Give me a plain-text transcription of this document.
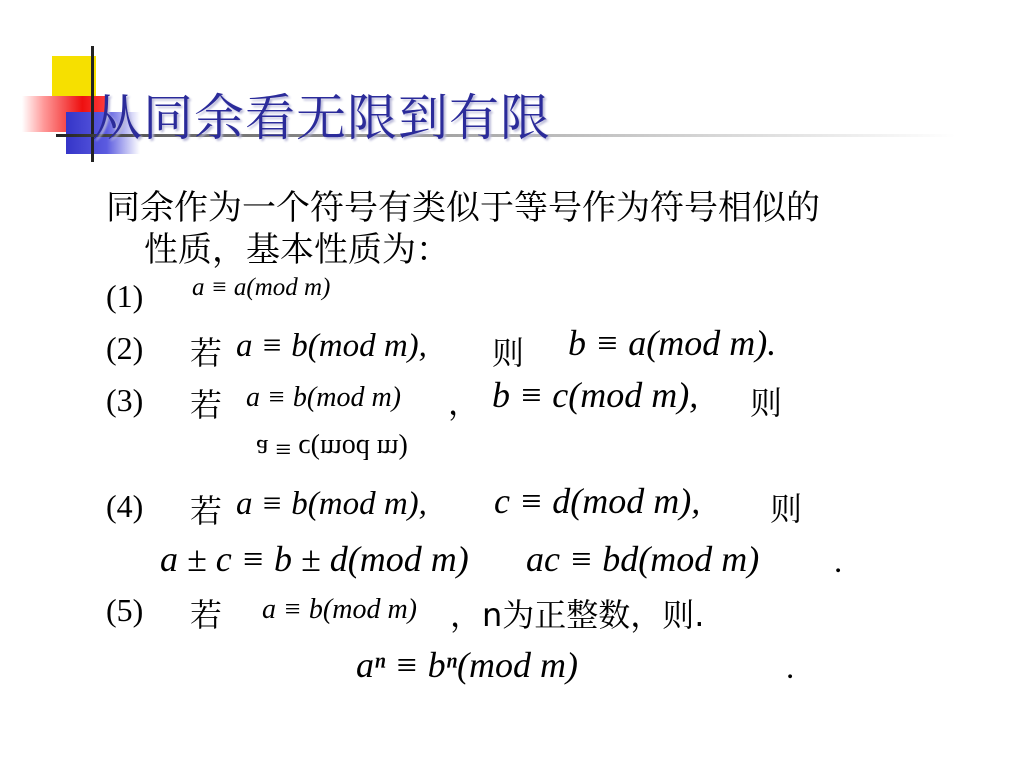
从同余看无限到有限
同余作为一个符号有类似于等号作为符号相似的
性质，基本性质为：
(1) a ≡ a(mod m)
(2) 若 a ≡ b(mod m), 则 b ≡ a(mod m).
(3) 若 a ≡ b(mod m) ， b ≡ c(mod m), 则
a ≡ c(mod m)
(4) 若 a ≡ b(mod m), c ≡ d(mod m), 则
a ± c ≡ b ± d(mod m) ac ≡ bd(mod m) .
(5) 若 a ≡ b(mod m) ，n为正整数，则.
aⁿ ≡ bⁿ(mod m)	.
